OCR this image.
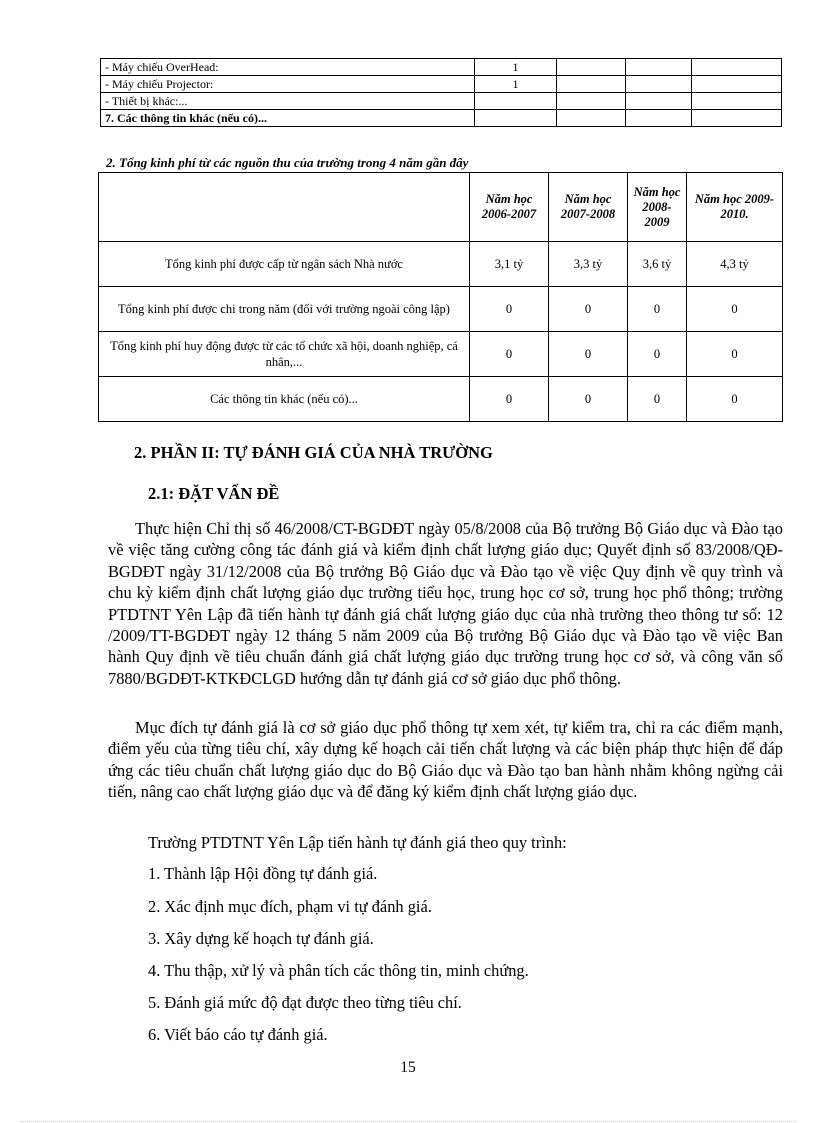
- Máy chiếu OverHead:	1			
- Máy chiếu Projector:	1			
- Thiết bị khác:...				
7. Các thông tin khác (nếu có)...				
2. Tổng kinh phí từ các nguồn thu của trường trong 4 năm gần đây
	Năm học 2006-2007	Năm học 2007-2008	Năm học 2008-2009	Năm học 2009-2010.
Tổng kinh phí được cấp từ ngân sách Nhà nước	3,1 tỷ	3,3 tỷ	3,6 tỷ	4,3 tỷ
Tổng kinh phí được chi trong năm (đối với trường ngoài công lập)	0	0	0	0
Tổng kinh phí huy động được từ các tổ chức xã hội, doanh nghiệp, cá nhân,...	0	0	0	0
Các thông tin khác (nếu có)...	0	0	0	0
2. PHẦN II: TỰ ĐÁNH GIÁ CỦA NHÀ TRƯỜNG
2.1: ĐẶT VẤN ĐỀ

Thực hiện Chỉ thị số 46/2008/CT-BGDĐT ngày 05/8/2008 của Bộ trưởng Bộ Giáo dục và Đào tạo về việc tăng cường công tác đánh giá và kiểm định chất lượng giáo dục; Quyết định số 83/2008/QĐ-BGDĐT ngày 31/12/2008 của Bộ trưởng Bộ Giáo dục và Đào tạo về việc Quy định về quy trình và chu kỳ kiểm định chất lượng giáo dục trường tiểu học, trung học cơ sở, trung học phổ thông; trường PTDTNT Yên Lập đã tiến hành tự đánh giá chất lượng giáo dục của nhà trường theo thông tư số: 12 /2009/TT-BGDĐT ngày 12 tháng 5 năm 2009 của Bộ trưởng Bộ Giáo dục và Đào tạo về việc Ban hành Quy định về tiêu chuẩn đánh giá chất lượng giáo dục trường trung học cơ sở, và công văn số 7880/BGDĐT-KTKĐCLGD hướng dẫn tự đánh giá cơ sở giáo dục phổ thông.

Mục đích tự đánh giá là cơ sở giáo dục phổ thông tự xem xét, tự kiểm tra, chỉ ra các điểm mạnh, điểm yếu của từng tiêu chí, xây dựng kế hoạch cải tiến chất lượng và các biện pháp thực hiện để đáp ứng các tiêu chuẩn chất lượng giáo dục do Bộ Giáo dục và Đào tạo ban hành nhằm không ngừng cải tiến, nâng cao chất lượng giáo dục và để đăng ký kiểm định chất lượng giáo dục.

Trường PTDTNT Yên Lập tiến hành tự đánh giá theo quy trình:

1. Thành lập Hội đồng tự đánh giá.
2. Xác định mục đích, phạm vi tự đánh giá.
3. Xây dựng kế hoạch tự đánh giá.
4. Thu thập, xử lý và phân tích các thông tin, minh chứng.
5. Đánh giá mức độ đạt được theo từng tiêu chí.
6. Viết báo cáo tự đánh giá.
15
